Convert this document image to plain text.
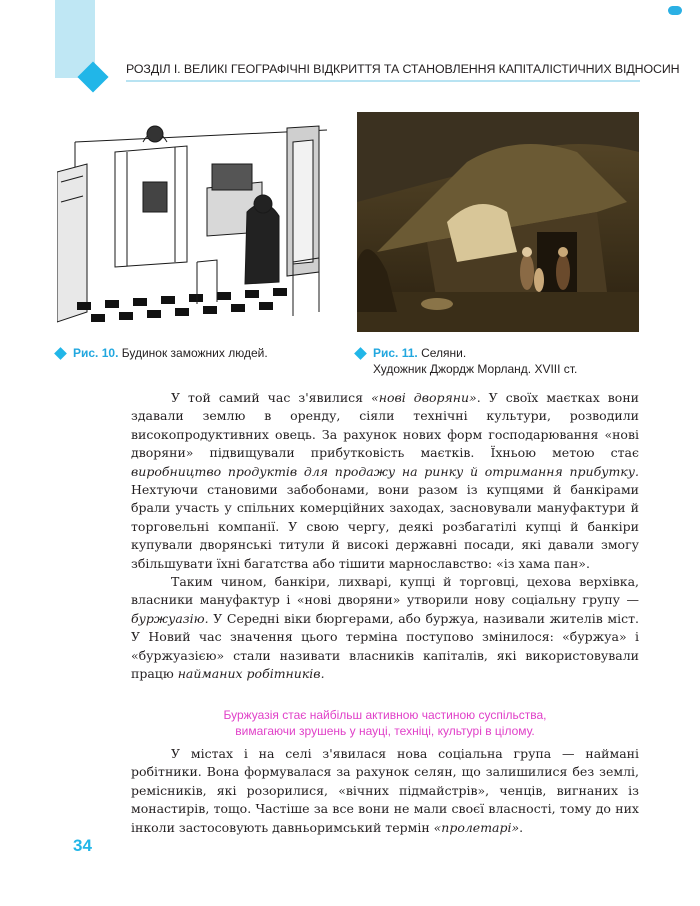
РОЗДІЛ І. ВЕЛИКІ ГЕОГРАФІЧНІ ВІДКРИТТЯ ТА СТАНОВЛЕННЯ КАПІТАЛІСТИЧНИХ ВІДНОСИН
Рис. 10. Будинок заможних людей.	Рис. 11. Селяни.
Художник Джордж Морланд. XVIII ст.

У той самий час з'явилися «нові дворяни». У своїх маєтках вони здавали землю в оренду, сіяли технічні культури, розводили високопродуктивних овець. За рахунок нових форм господарювання «нові дворяни» підвищували прибутковість маєтків. Їхньою метою стає виробництво продуктів для продажу на ринку й отримання прибутку. Нехтуючи становими забобонами, вони разом із купцями й банкірами брали участь у спільних комерційних заходах, засновували мануфактури й торговельні компанії. У свою чергу, деякі розбагатілі купці й банкіри купували дворянські титули й високі державні посади, які давали змогу збільшувати їхні багатства або тішити марнославство: «із хама пан».

Таким чином, банкіри, лихварі, купці й торговці, цехова верхівка, власники мануфактур і «нові дворяни» утворили нову соціальну групу — буржуазію. У Середні віки бюргерами, або буржуа, називали жителів міст. У Новий час значення цього терміна поступово змінилося: «буржуа» і «буржуазією» стали називати власників капіталів, які використовували працю найманих робітників.

Буржуазія стає найбільш активною частиною суспільства,
вимагаючи зрушень у науці, техніці, культурі в цілому.

У містах і на селі з'явилася нова соціальна група — наймані робітники. Вона формувалася за рахунок селян, що залишилися без землі, ремісників, які розорилися, «вічних підмайстрів», ченців, вигнаних із монастирів, тощо. Частіше за все вони не мали своєї власності, тому до них інколи застосовують давньоримський термін «пролетарі».

34
